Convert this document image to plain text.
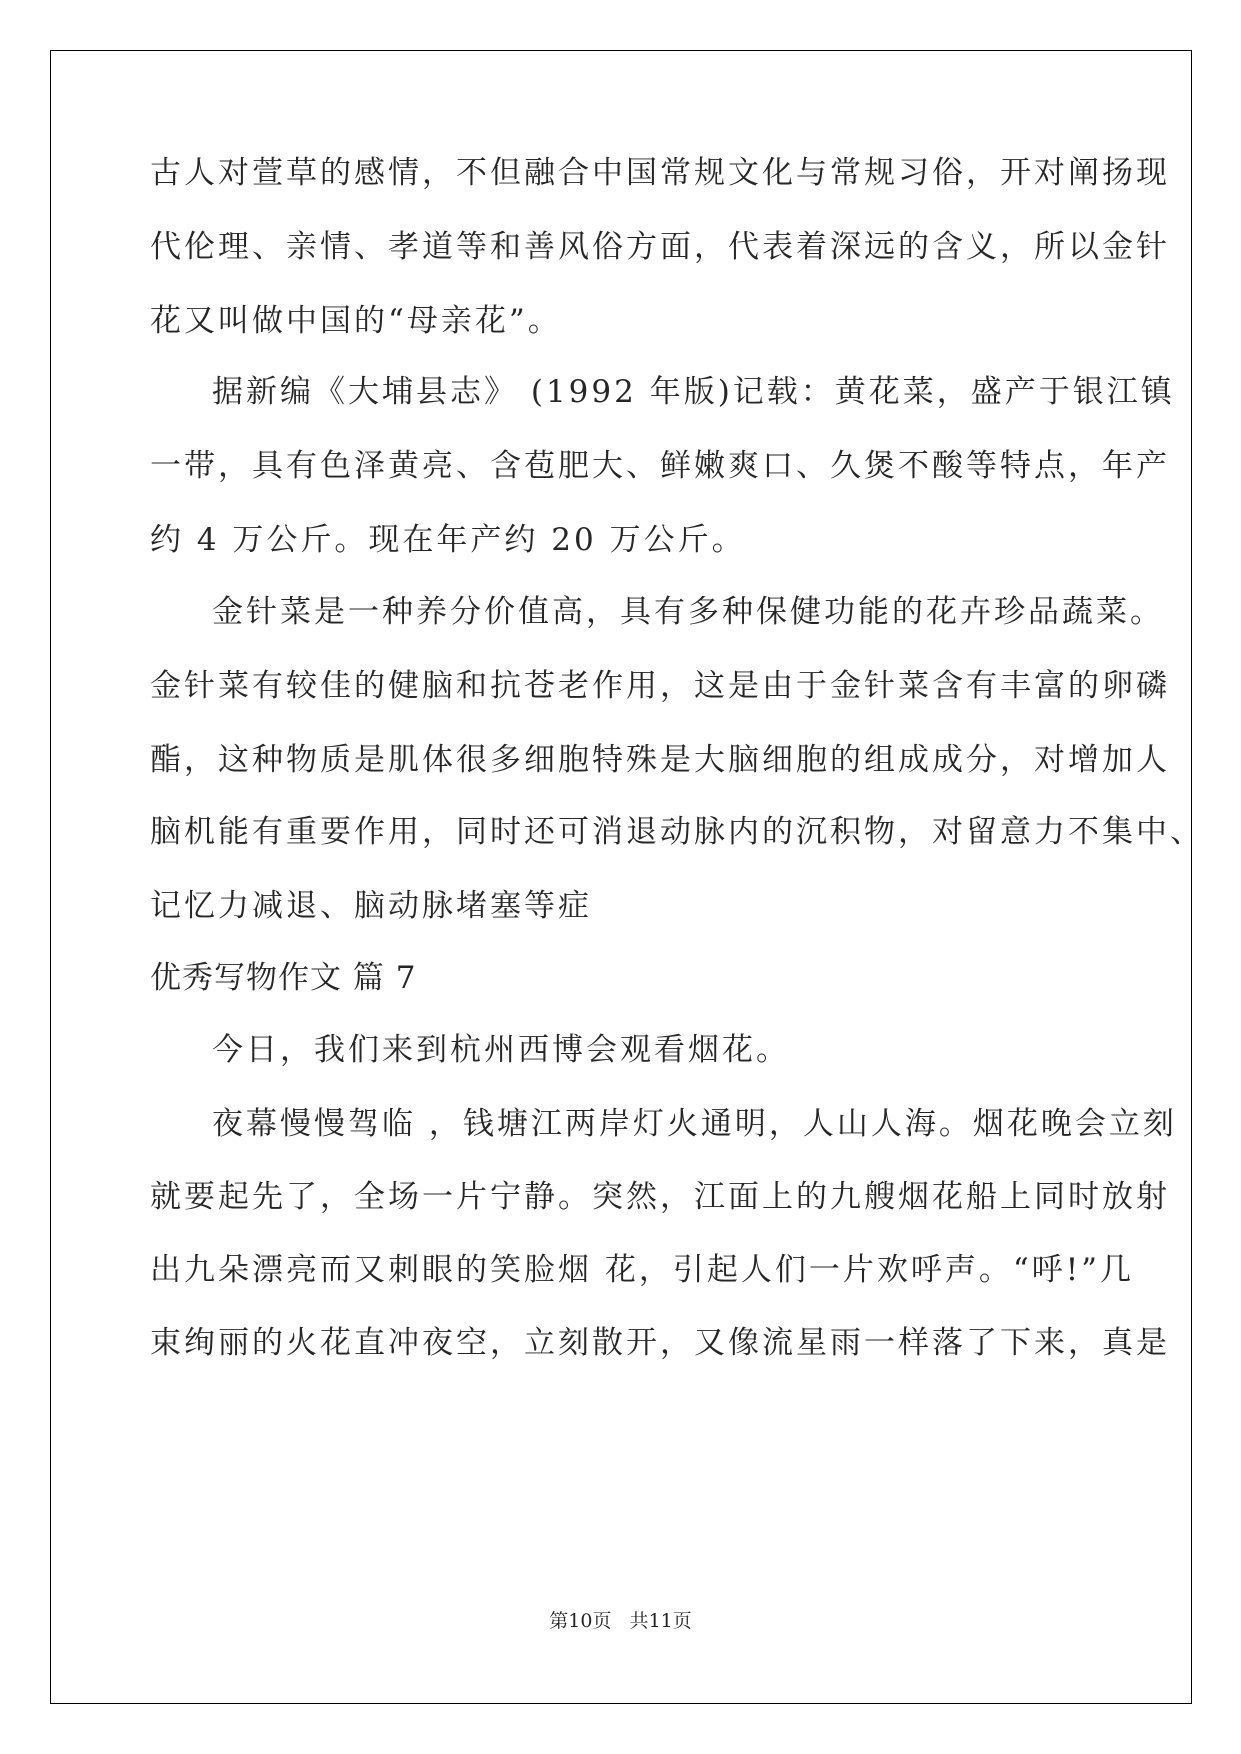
古人对萱草的感情，不但融合中国常规文化与常规习俗，开对阐扬现
代伦理、亲情、孝道等和善风俗方面，代表着深远的含义，所以金针
花又叫做中国的“母亲花”。
据新编《大埔县志》 (1992 年版)记载：黄花菜，盛产于银江镇
一带，具有色泽黄亮、含苞肥大、鲜嫩爽口、久煲不酸等特点，年产
约 4 万公斤。现在年产约 20 万公斤。
金针菜是一种养分价值高，具有多种保健功能的花卉珍品蔬菜。
金针菜有较佳的健脑和抗苍老作用，这是由于金针菜含有丰富的卵磷
酯，这种物质是肌体很多细胞特殊是大脑细胞的组成成分，对增加人
脑机能有重要作用，同时还可消退动脉内的沉积物，对留意力不集中、
记忆力减退、脑动脉堵塞等症
优秀写物作文 篇 7
今日，我们来到杭州西博会观看烟花。
夜幕慢慢驾临 ，钱塘江两岸灯火通明，人山人海。烟花晚会立刻
就要起先了，全场一片宁静。突然，江面上的九艘烟花船上同时放射
出九朵漂亮而又刺眼的笑脸烟 花，引起人们一片欢呼声。“呼!”几
束绚丽的火花直冲夜空，立刻散开，又像流星雨一样落了下来，真是
第10页   共11页
